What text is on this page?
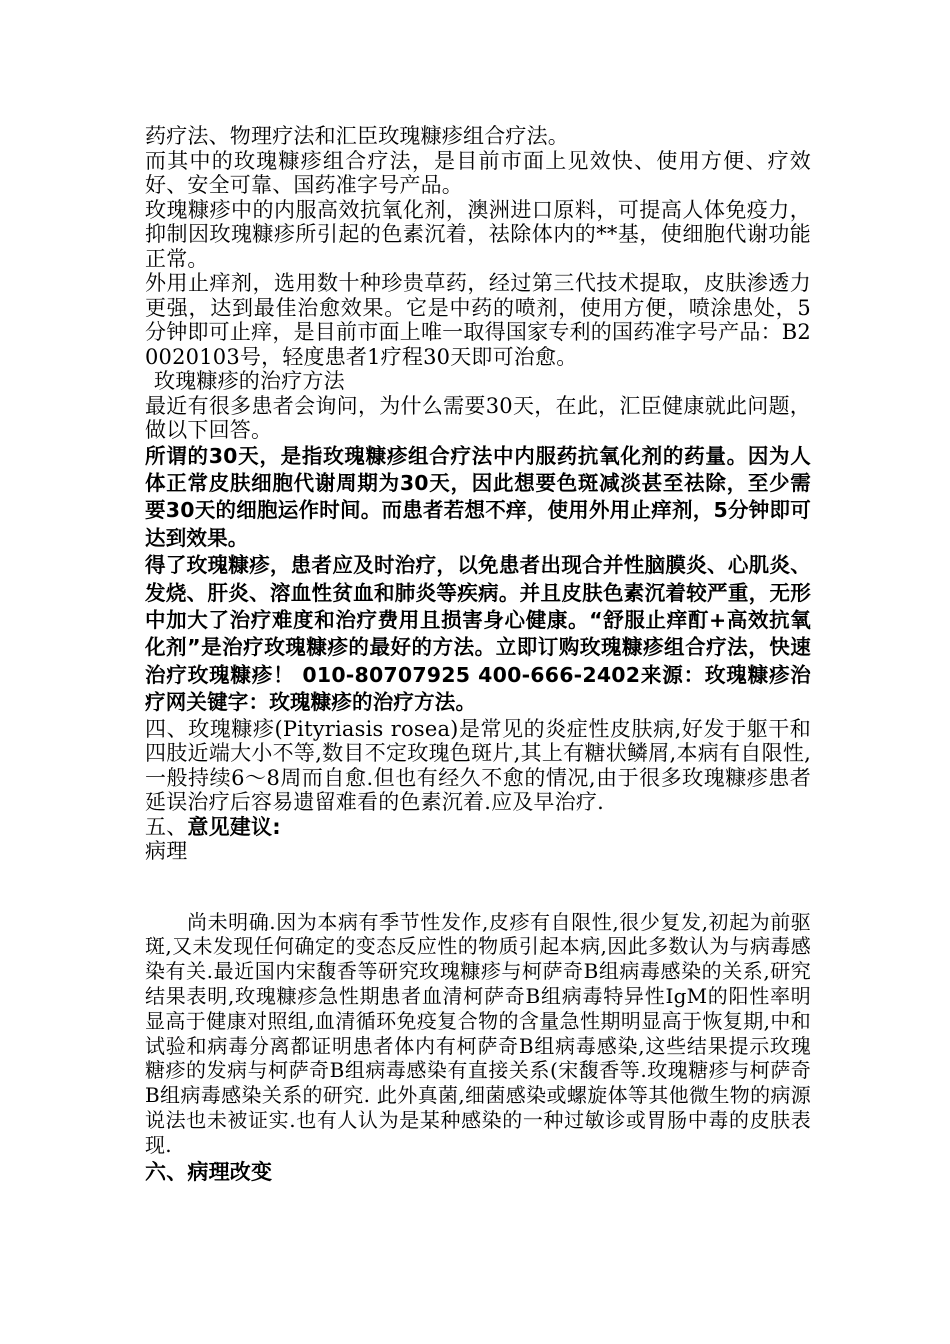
药疗法、物理疗法和汇臣玫瑰糠疹组合疗法。

而其中的玫瑰糠疹组合疗法，是目前市面上见效快、使用方便、疗效好、安全可靠、国药准字号产品。

玫瑰糠疹中的内服高效抗氧化剂，澳洲进口原料，可提高人体免疫力，抑制因玫瑰糠疹所引起的色素沉着，祛除体内的**基，使细胞代谢功能正常。

外用止痒剂，选用数十种珍贵草药，经过第三代技术提取，皮肤渗透力更强，达到最佳治愈效果。它是中药的喷剂，使用方便，喷涂患处，5分钟即可止痒，是目前市面上唯一取得国家专利的国药准字号产品：B20020103号，轻度患者1疗程30天即可治愈。

玫瑰糠疹的治疗方法

最近有很多患者会询问，为什么需要30天，在此，汇臣健康就此问题，做以下回答。

所谓的30天，是指玫瑰糠疹组合疗法中内服药抗氧化剂的药量。因为人体正常皮肤细胞代谢周期为30天，因此想要色斑减淡甚至祛除，至少需要30天的细胞运作时间。而患者若想不痒，使用外用止痒剂，5分钟即可达到效果。

得了玫瑰糠疹，患者应及时治疗，以免患者出现合并性脑膜炎、心肌炎、发烧、肝炎、溶血性贫血和肺炎等疾病。并且皮肤色素沉着较严重，无形中加大了治疗难度和治疗费用且损害身心健康。“舒服止痒酊+高效抗氧化剂”是治疗玫瑰糠疹的最好的方法。立即订购玫瑰糠疹组合疗法，快速治疗玫瑰糠疹！ 010-80707925 400-666-2402来源：玫瑰糠疹治疗网关键字：玫瑰糠疹的治疗方法。

四、玫瑰糠疹(Pityriasis rosea)是常见的炎症性皮肤病,好发于躯干和四肢近端大小不等,数目不定玫瑰色斑片,其上有糖状鳞屑,本病有自限性,一般持续6～8周而自愈.但也有经久不愈的情况,由于很多玫瑰糠疹患者延误治疗后容易遗留难看的色素沉着.应及早治疗.

五、意见建议:

病理

尚未明确.因为本病有季节性发作,皮疹有自限性,很少复发,初起为前驱斑,又未发现任何确定的变态反应性的物质引起本病,因此多数认为与病毒感染有关.最近国内宋馥香等研究玫瑰糠疹与柯萨奇B组病毒感染的关系,研究结果表明,玫瑰糠疹急性期患者血清柯萨奇B组病毒特异性IgM的阳性率明显高于健康对照组,血清循环免疫复合物的含量急性期明显高于恢复期,中和试验和病毒分离都证明患者体内有柯萨奇B组病毒感染,这些结果提示玫瑰糖疹的发病与柯萨奇B组病毒感染有直接关系(宋馥香等.玫瑰糖疹与柯萨奇B组病毒感染关系的研究. 此外真菌,细菌感染或螺旋体等其他微生物的病源说法也未被证实.也有人认为是某种感染的一种过敏诊或胃肠中毒的皮肤表现.

六、病理改变
